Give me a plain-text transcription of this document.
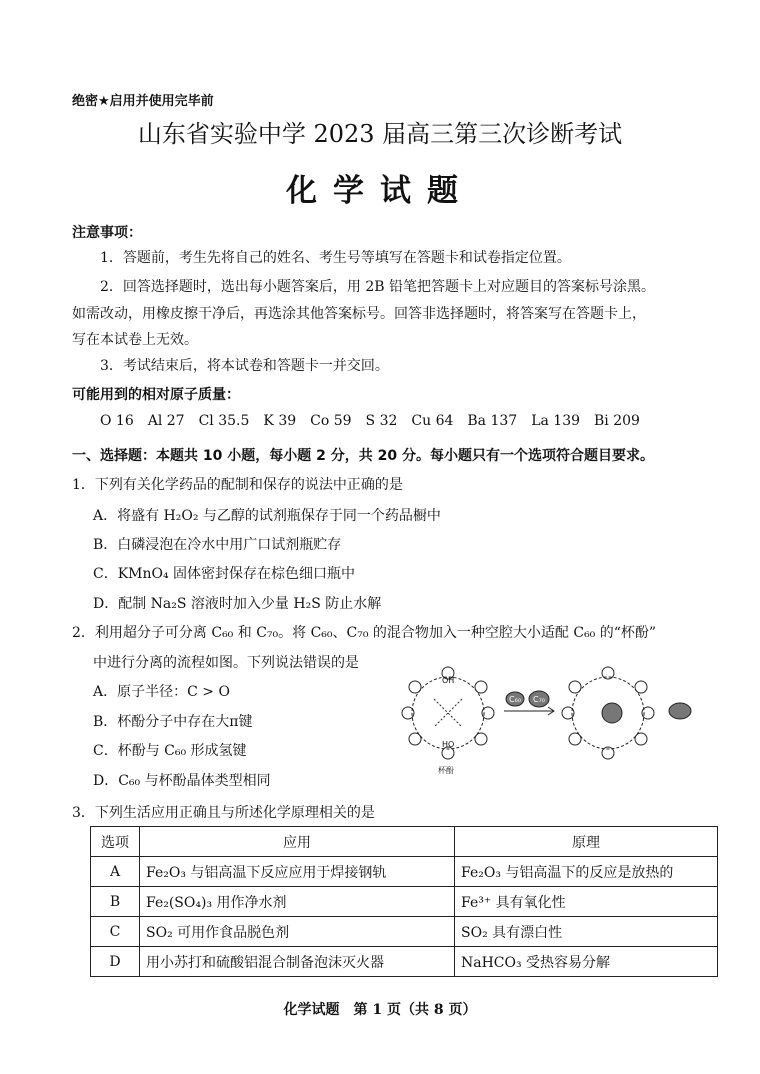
绝密★启用并使用完毕前
山东省实验中学 2023 届高三第三次诊断考试
化学试题
注意事项：
1．答题前，考生先将自己的姓名、考生号等填写在答题卡和试卷指定位置。
2．回答选择题时，选出每小题答案后，用 2B 铅笔把答题卡上对应题目的答案标号涂黑。
如需改动，用橡皮擦干净后，再选涂其他答案标号。回答非选择题时，将答案写在答题卡上，
写在本试卷上无效。
3．考试结束后，将本试卷和答题卡一并交回。
可能用到的相对原子质量：
O 16　Al 27　Cl 35.5　K 39　Co 59　S 32　Cu 64　Ba 137　La 139　Bi 209
一、选择题：本题共 10 小题，每小题 2 分，共 20 分。每小题只有一个选项符合题目要求。
1．下列有关化学药品的配制和保存的说法中正确的是
A．将盛有 H₂O₂ 与乙醇的试剂瓶保存于同一个药品橱中
B．白磷浸泡在冷水中用广口试剂瓶贮存
C．KMnO₄ 固体密封保存在棕色细口瓶中
D．配制 Na₂S 溶液时加入少量 H₂S 防止水解
2．利用超分子可分离 C₆₀ 和 C₇₀。将 C₆₀、C₇₀ 的混合物加入一种空腔大小适配 C₆₀ 的“杯酚”
中进行分离的流程如图。下列说法错误的是
A．原子半径：C > O
B．杯酚分子中存在大π键
C．杯酚与 C₆₀ 形成氢键
D．C₆₀ 与杯酚晶体类型相同
OH
HO
杯酚
C₆₀ C₇₀
3．下列生活应用正确且与所述化学原理相关的是
选项	应用	原理
A	Fe₂O₃ 与铝高温下反应应用于焊接钢轨	Fe₂O₃ 与铝高温下的反应是放热的
B	Fe₂(SO₄)₃ 用作净水剂	Fe³⁺ 具有氧化性
C	SO₂ 可用作食品脱色剂	SO₂ 具有漂白性
D	用小苏打和硫酸铝混合制备泡沫灭火器	NaHCO₃ 受热容易分解
化学试题　第 1 页（共 8 页）
